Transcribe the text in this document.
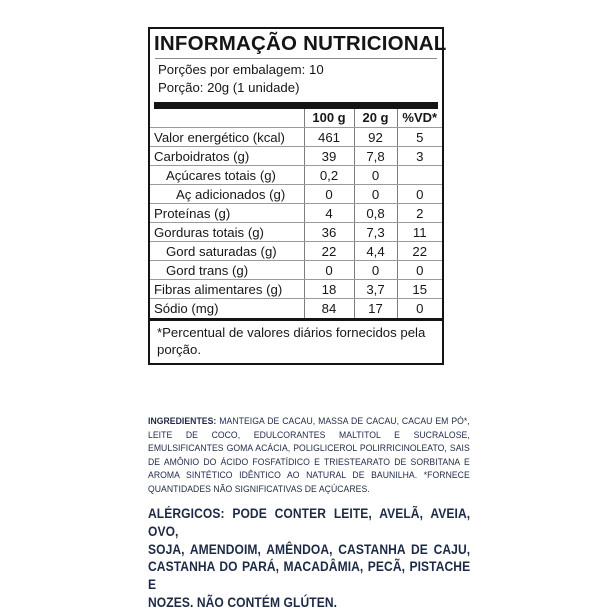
INFORMAÇÃO NUTRICIONAL
Porções por embalagem: 10
Porção: 20g (1 unidade)
	100 g	20 g	%VD*
Valor energético (kcal)	461	92	5
Carboidratos (g)	39	7,8	3
Açúcares totais (g)	0,2	0	
Aç adicionados (g)	0	0	0
Proteínas (g)	4	0,8	2
Gorduras totais (g)	36	7,3	11
Gord saturadas (g)	22	4,4	22
Gord trans (g)	0	0	0
Fibras alimentares (g)	18	3,7	15
Sódio (mg)	84	17	0
*Percentual de valores diários fornecidos pela porção.
INGREDIENTES: MANTEIGA DE CACAU, MASSA DE CACAU, CACAU EM PÓ*, LEITE DE COCO, EDULCORANTES MALTITOL E SUCRALOSE, EMULSIFICANTES GOMA ACÁCIA, POLIGLICEROL POLIRRICINOLEATO, SAIS DE AMÔNIO DO ÁCIDO FOSFATÍDICO E TRIESTEARATO DE SORBITANA E AROMA SINTÉTICO IDÊNTICO AO NATURAL DE BAUNILHA. *FORNECE QUANTIDADES NÃO SIGNIFICATIVAS DE AÇÚCARES.
ALÉRGICOS: PODE CONTER LEITE, AVELÃ, AVEIA, OVO,
SOJA, AMENDOIM, AMÊNDOA, CASTANHA DE CAJU,
CASTANHA DO PARÁ, MACADÂMIA, PECÃ, PISTACHE E
NOZES. NÃO CONTÉM GLÚTEN.
